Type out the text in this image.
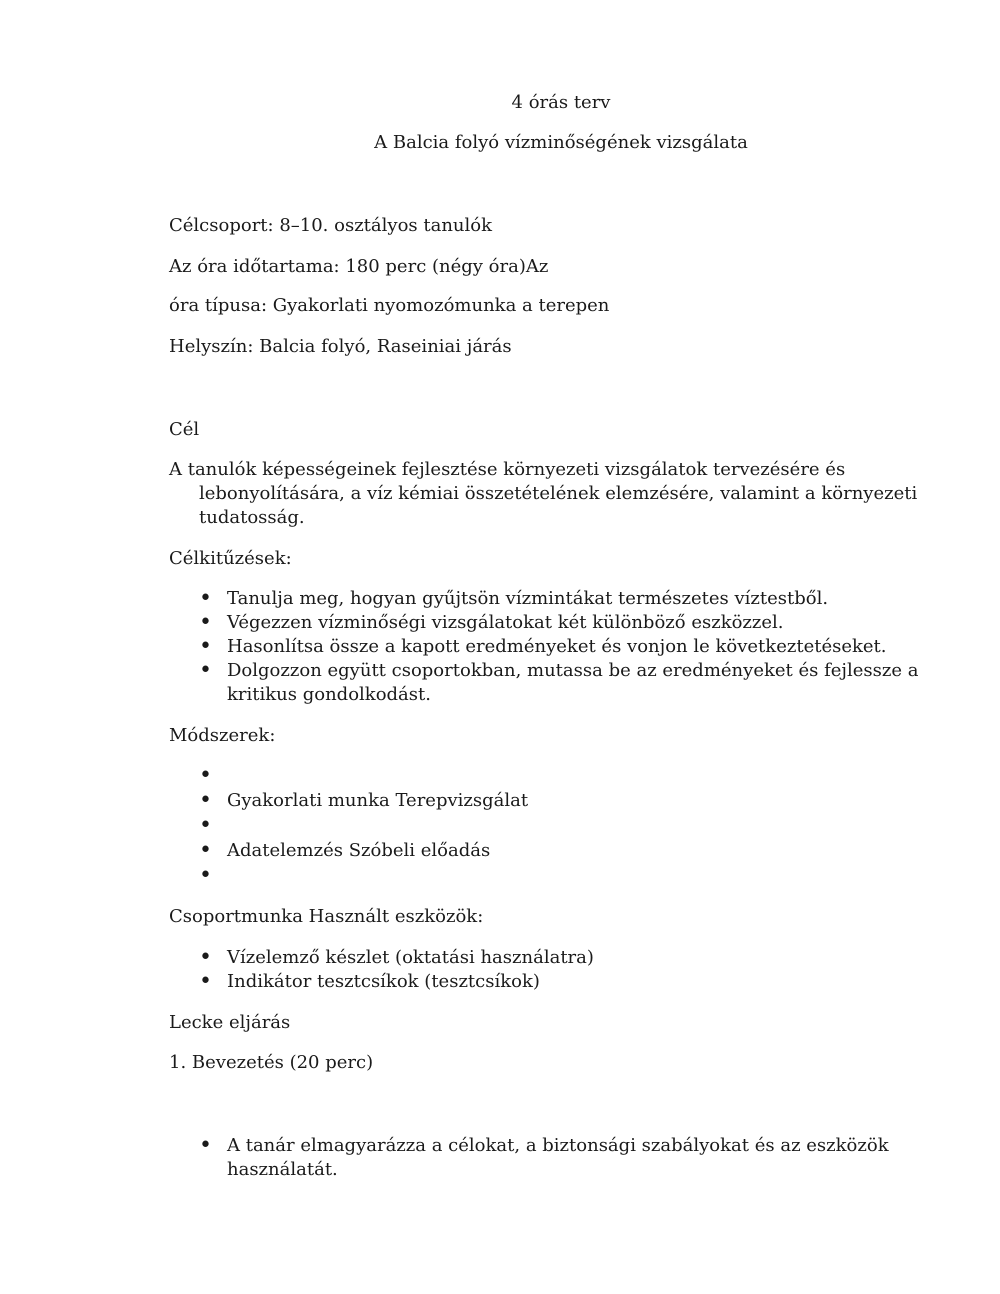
4 órás terv

A Balcia folyó vízminőségének vizsgálata

Célcsoport: 8–10. osztályos tanulók

Az óra időtartama: 180 perc (négy óra)Az

óra típusa: Gyakorlati nyomozómunka a terepen

Helyszín: Balcia folyó, Raseiniai járás

Cél

A tanulók képességeinek fejlesztése környezeti vizsgálatok tervezésére és lebonyolítására, a víz kémiai összetételének elemzésére, valamint a környezeti tudatosság.

Célkitűzések:

• Tanulja meg, hogyan gyűjtsön vízmintákat természetes víztestből.
• Végezzen vízminőségi vizsgálatokat két különböző eszközzel.
• Hasonlítsa össze a kapott eredményeket és vonjon le következtetéseket.
• Dolgozzon együtt csoportokban, mutassa be az eredményeket és fejlessze a kritikus gondolkodást.

Módszerek:

•
• Gyakorlati munka Terepvizsgálat
•
• Adatelemzés Szóbeli előadás
•

Csoportmunka Használt eszközök:

• Vízelemző készlet (oktatási használatra)
• Indikátor tesztcsíkok (tesztcsíkok)

Lecke eljárás

1. Bevezetés (20 perc)

• A tanár elmagyarázza a célokat, a biztonsági szabályokat és az eszközök használatát.
